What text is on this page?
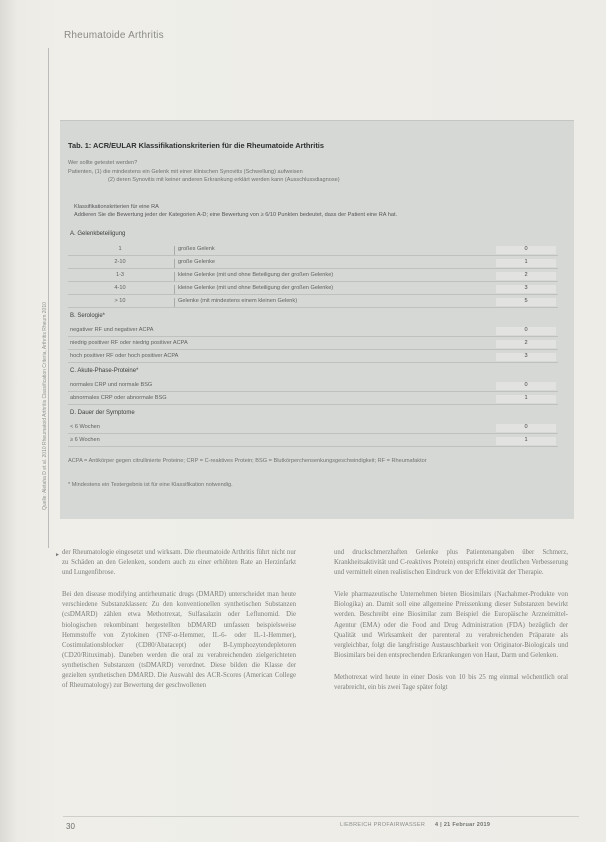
Rheumatoide Arthritis
Quelle: Aletaha D et al. 2010 Rheumatoid Arthritis Classification Criteria, Arthritis Rheum 2010
Tab. 1: ACR/EULAR Klassifikationskriterien für die Rheumatoide Arthritis
Wer sollte getestet werden?
Patienten, (1) die mindestens ein Gelenk mit einer klinischen Synovitis (Schwellung) aufweisen
(2) deren Synovitis mit keiner anderen Erkrankung erklärt werden kann (Ausschlussdiagnose)
Klassifikationskriterien für eine RA
Addieren Sie die Bewertung jeder der Kategorien A-D; eine Bewertung von ≥ 6/10 Punkten bedeutet, dass der Patient eine RA hat.
A. Gelenkbeteiligung
1	großes Gelenk	0
2-10	große Gelenke	1
1-3	kleine Gelenke (mit und ohne Beteiligung der großen Gelenke)	2
4-10	kleine Gelenke (mit und ohne Beteiligung der großen Gelenke)	3
> 10	Gelenke (mit mindestens einem kleinen Gelenk)	5
B. Serologie*
negativer RF und negativer ACPA	0
niedrig positiver RF oder niedrig positiver ACPA	2
hoch positiver RF oder hoch positiver ACPA	3
C. Akute-Phase-Proteine*
normales CRP und normale BSG	0
abnormales CRP oder abnormale BSG	1
D. Dauer der Symptome
< 6 Wochen	0
≥ 6 Wochen	1
ACPA = Antikörper gegen citrullinierte Proteine; CRP = C-reaktives Protein; BSG = Blutkörperchensenkungsgeschwindigkeit; RF = Rheumafaktor
* Mindestens ein Testergebnis ist für eine Klassifikation notwendig.
► der Rheumatologie eingesetzt und wirksam. Die rheumatoide Arthritis führt nicht nur zu Schäden an den Gelenken, sondern auch zu einer erhöhten Rate an Herzinfarkt und Lungenfibrose.

Bei den disease modifying antirheumatic drugs (DMARD) unterscheidet man heute verschiedene Substanzklassen: Zu den konventionellen synthetischen Substanzen (csDMARD) zählen etwa Methotrexat, Sulfasalazin oder Leflunomid. Die biologischen rekombinant hergestellten bDMARD umfassen beispielsweise Hemmstoffe von Zytokinen (TNF-α-Hemmer, IL-6- oder IL-1-Hemmer), Costimulationsblocker (CD80/Abatacept) oder B-Lymphozytendepletoren (CD20/Rituximab). Daneben werden die oral zu verabreichenden zielgerichteten synthetischen Substanzen (tsDMARD) verordnet. Diese bilden die Klasse der gezielten synthetischen DMARD. Die Auswahl des ACR-Scores (American College of Rheumatology) zur Bewertung der geschwollenen

und druckschmerzhaften Gelenke plus Patientenangaben über Schmerz, Krankheitsaktivität und C-reaktives Protein) entspricht einer deutlichen Verbesserung und vermittelt einen realistischen Eindruck von der Effektivität der Therapie.

Viele pharmazeutische Unternehmen bieten Biosimilars (Nachahmer-Produkte von Biologika) an. Damit soll eine allgemeine Preissenkung dieser Substanzen bewirkt werden. Beschreibt eine Biosimilar zum Beispiel die Europäische Arzneimittel-Agentur (EMA) oder die Food and Drug Administration (FDA) bezüglich der Qualität und Wirksamkeit der parenteral zu verabreichenden Präparate als vergleichbar, folgt die langfristige Austauschbarkeit von Originator-Biologicals und Biosimilars bei den entsprechenden Erkrankungen von Haut, Darm und Gelenken.

Methotrexat wird heute in einer Dosis von 10 bis 25 mg einmal wöchentlich oral verabreicht, ein bis zwei Tage später folgt

30	LIEBREICH PROFAIRWASSER 4 | 21 Februar 2019
